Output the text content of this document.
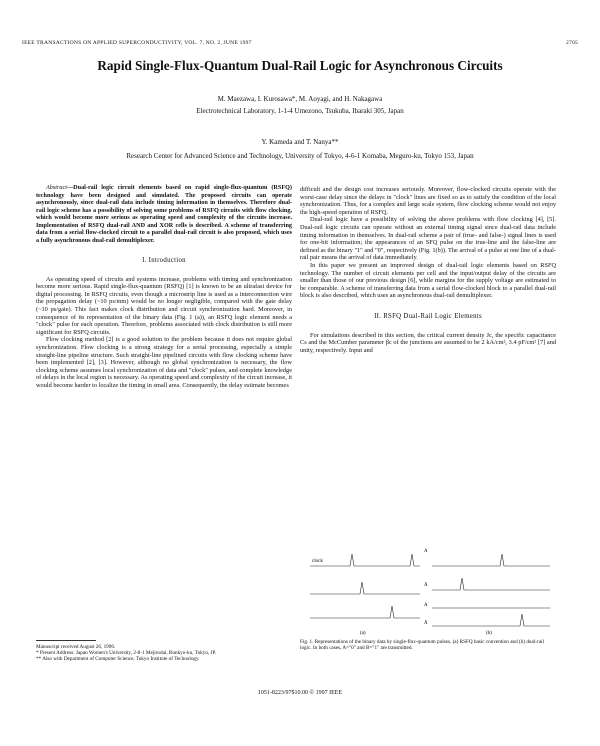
IEEE TRANSACTIONS ON APPLIED SUPERCONDUCTIVITY, VOL. 7, NO. 2, JUNE 1997	2705
Rapid Single-Flux-Quantum Dual-Rail Logic for Asynchronous Circuits
M. Maezawa, I. Kurosawa*, M. Aoyagi, and H. Nakagawa
Electrotechnical Laboratory, 1-1-4 Umezono, Tsukuba, Ibaraki 305, Japan
Y. Kameda and T. Nanya**
Research Center for Advanced Science and Technology, University of Tokyo, 4-6-1 Komaba, Meguro-ku, Tokyo 153, Japan

Abstract—Dual-rail logic circuit elements based on rapid single-flux-quantum (RSFQ) technology have been designed and simulated. The proposed circuits can operate asynchronously, since dual-rail data include timing information in themselves. Therefore dual-rail logic scheme has a possibility of solving some problems of RSFQ circuits with flow clocking, which would become more serious as operating speed and complexity of the circuits increase. Implementation of RSFQ dual-rail AND and XOR cells is described. A scheme of transferring data from a serial flow-clocked circuit to a parallel dual-rail circuit is also proposed, which uses a fully asynchronous dual-rail demultiplexer.

I. Introduction

As operating speed of circuits and systems increase, problems with timing and synchronization become more serious. Rapid single-flux-quantum (RSFQ) [1] is known to be an ultrafast device for digital processing. In RSFQ circuits, even though a microstrip line is used as a interconnection wire the propagation delay (~10 ps/mm) would be no longer negligible, compared with the gate delay (~10 ps/gate). This fact makes clock distribution and circuit synchronization hard. Moreover, in consequence of its representation of the binary data (Fig. 1 (a)), an RSFQ logic element needs a "clock" pulse for each operation. Therefore, problems associated with clock distribution is still more significant for RSFQ circuits.

Flow clocking method [2] is a good solution to the problem because it does not require global synchronization. Flow clocking is a strong strategy for a serial processing, especially a simple straight-line pipeline structure. Such straight-line pipelined circuits with flow clocking scheme have been implemented [2], [3]. However, although no global synchronization is necessary, the flow clocking scheme assumes local synchronization of data and "clock" pulses, and complete knowledge of delays in the local region is necessary. As operating speed and complexity of the circuit increase, it would become harder to localize the timing in small area. Consequently, the delay estimate becomes

difficult and the design cost increases seriously. Moreover, flow-clocked circuits operate with the worst-case delay since the delays in "clock" lines are fixed so as to satisfy the condition of the local synchronization. Thus, for a complex and large scale system, flow clocking scheme would not enjoy the high-speed operation of RSFQ.

Dual-rail logic have a possibility of solving the above problems with flow clocking [4], [5]. Dual-rail logic circuits can operate without an external timing signal since dual-rail data include timing information in themselves. In dual-rail scheme a pair of (true- and false-) signal lines is used for one-bit information; the appearances of an SFQ pulse on the true-line and the false-line are defined as the binary "1" and "0", respectively (Fig. 1(b)). The arrival of a pulse at one line of a dual-rail pair means the arrival of data immediately.

In this paper we present an improved design of dual-rail logic elements based on RSFQ technology. The number of circuit elements per cell and the input/output delay of the circuits are smaller than those of our previous design [6], while margins for the supply voltage are estimated to be comparable. A scheme of transferring data from a serial flow-clocked block to a parallel dual-rail block is also described, which uses an asynchronous dual-rail demultiplexer.

II. RSFQ Dual-Rail Logic Elements

For simulations described in this section, the critical current density Jc, the specific capacitance Cs and the McCumber parameter βc of the junctions are assumed to be 2 kA/cm², 3.4 pF/cm² [7] and unity, respectively. Input and

clock
A
Ā
A
Ā
(a)	(b)
Fig. 1. Representations of the binary data by single-flux-quantum pulses. (a) RSFQ basic convention and (b) dual-rail logic. In both cases, A="0" and B="1" are transmitted.
Manuscript received August 26, 1996.
* Present Address: Japan Women's University, 2-8-1 Mejirodai, Bunkyo-ku, Tokyo, JP.
** Also with Department of Computer Science, Tokyo Institute of Technology.
1051-8223/97$10.00 © 1997 IEEE
